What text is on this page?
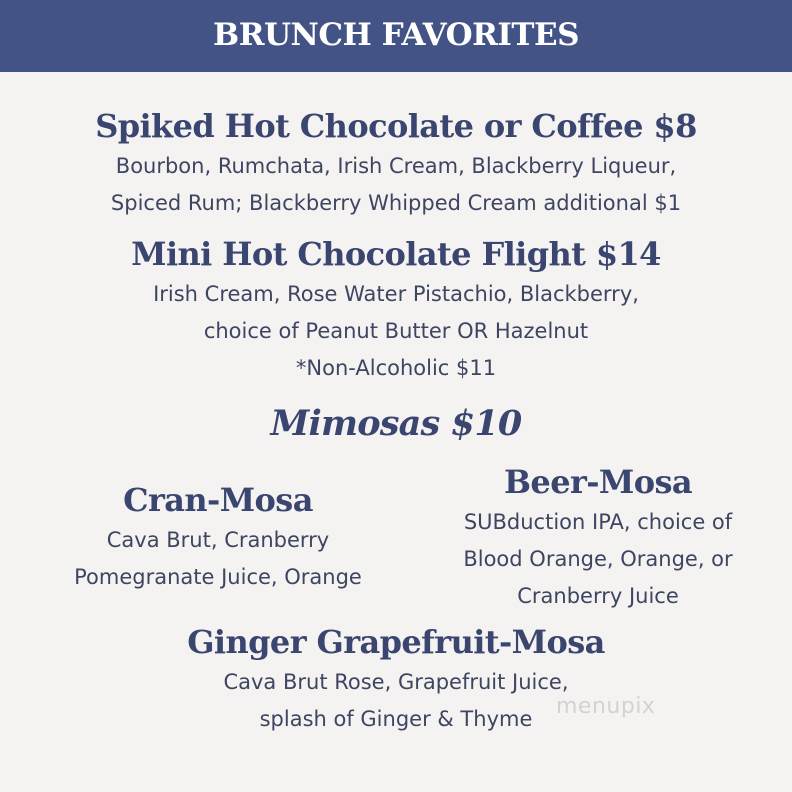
BRUNCH FAVORITES
Spiked Hot Chocolate or Coffee $8
Bourbon, Rumchata, Irish Cream, Blackberry Liqueur,
Spiced Rum; Blackberry Whipped Cream additional $1
Mini Hot Chocolate Flight $14
Irish Cream, Rose Water Pistachio, Blackberry,
choice of Peanut Butter OR Hazelnut
*Non-Alcoholic $11
Mimosas $10
Cran-Mosa
Cava Brut, Cranberry
Pomegranate Juice, Orange
Beer-Mosa
SUBduction IPA, choice of
Blood Orange, Orange, or
Cranberry Juice
Ginger Grapefruit-Mosa
Cava Brut Rose, Grapefruit Juice,
splash of Ginger & Thyme	menupix
